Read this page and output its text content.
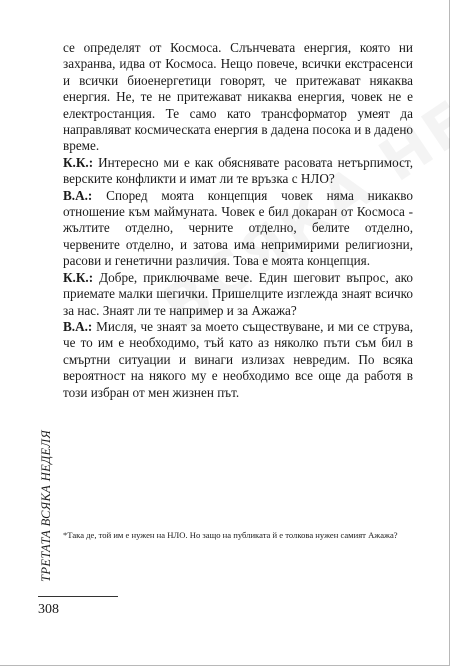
се определят от Космоса. Слънчевата енергия, която ни захранва, идва от Космоса. Нещо повече, всички екстрасенси и всички биоенергетици говорят, че притежават някаква енергия. Не, те не притежават никаква енергия, човек не е електростанция. Те само като трансформатор умеят да направляват космическата енергия в дадена посока и в дадено време.

К.К.: Интересно ми е как обяснявате расовата нетърпимост, верските конфликти и имат ли те връзка с НЛО?

В.А.: Според моята концепция човек няма никакво отношение към маймуната. Човек е бил докаран от Космоса - жълтите отделно, черните отделно, белите отделно, червените отделно, и затова има непримирими религиозни, расови и генетични различия. Това е моята концепция.

К.К.: Добре, приключваме вече. Един шеговит въпрос, ако приемате малки шегички. Пришелците изглежда знаят всичко за нас. Знаят ли те например и за Ажажа?

В.А.: Мисля, че знаят за моето съществуване, и ми се струва, че то им е необходимо, тъй като аз няколко пъти съм бил в смъртни ситуации и винаги излизах невредим. По всяка вероятност на някого му е необходимо все още да работя в този избран от мен жизнен път.

ТРЕТАТА ВСЯКА НЕДЕЛЯ *Така де, той им е нужен на НЛО. Но защо на публиката й е толкова нужен самият Ажажа?
308
